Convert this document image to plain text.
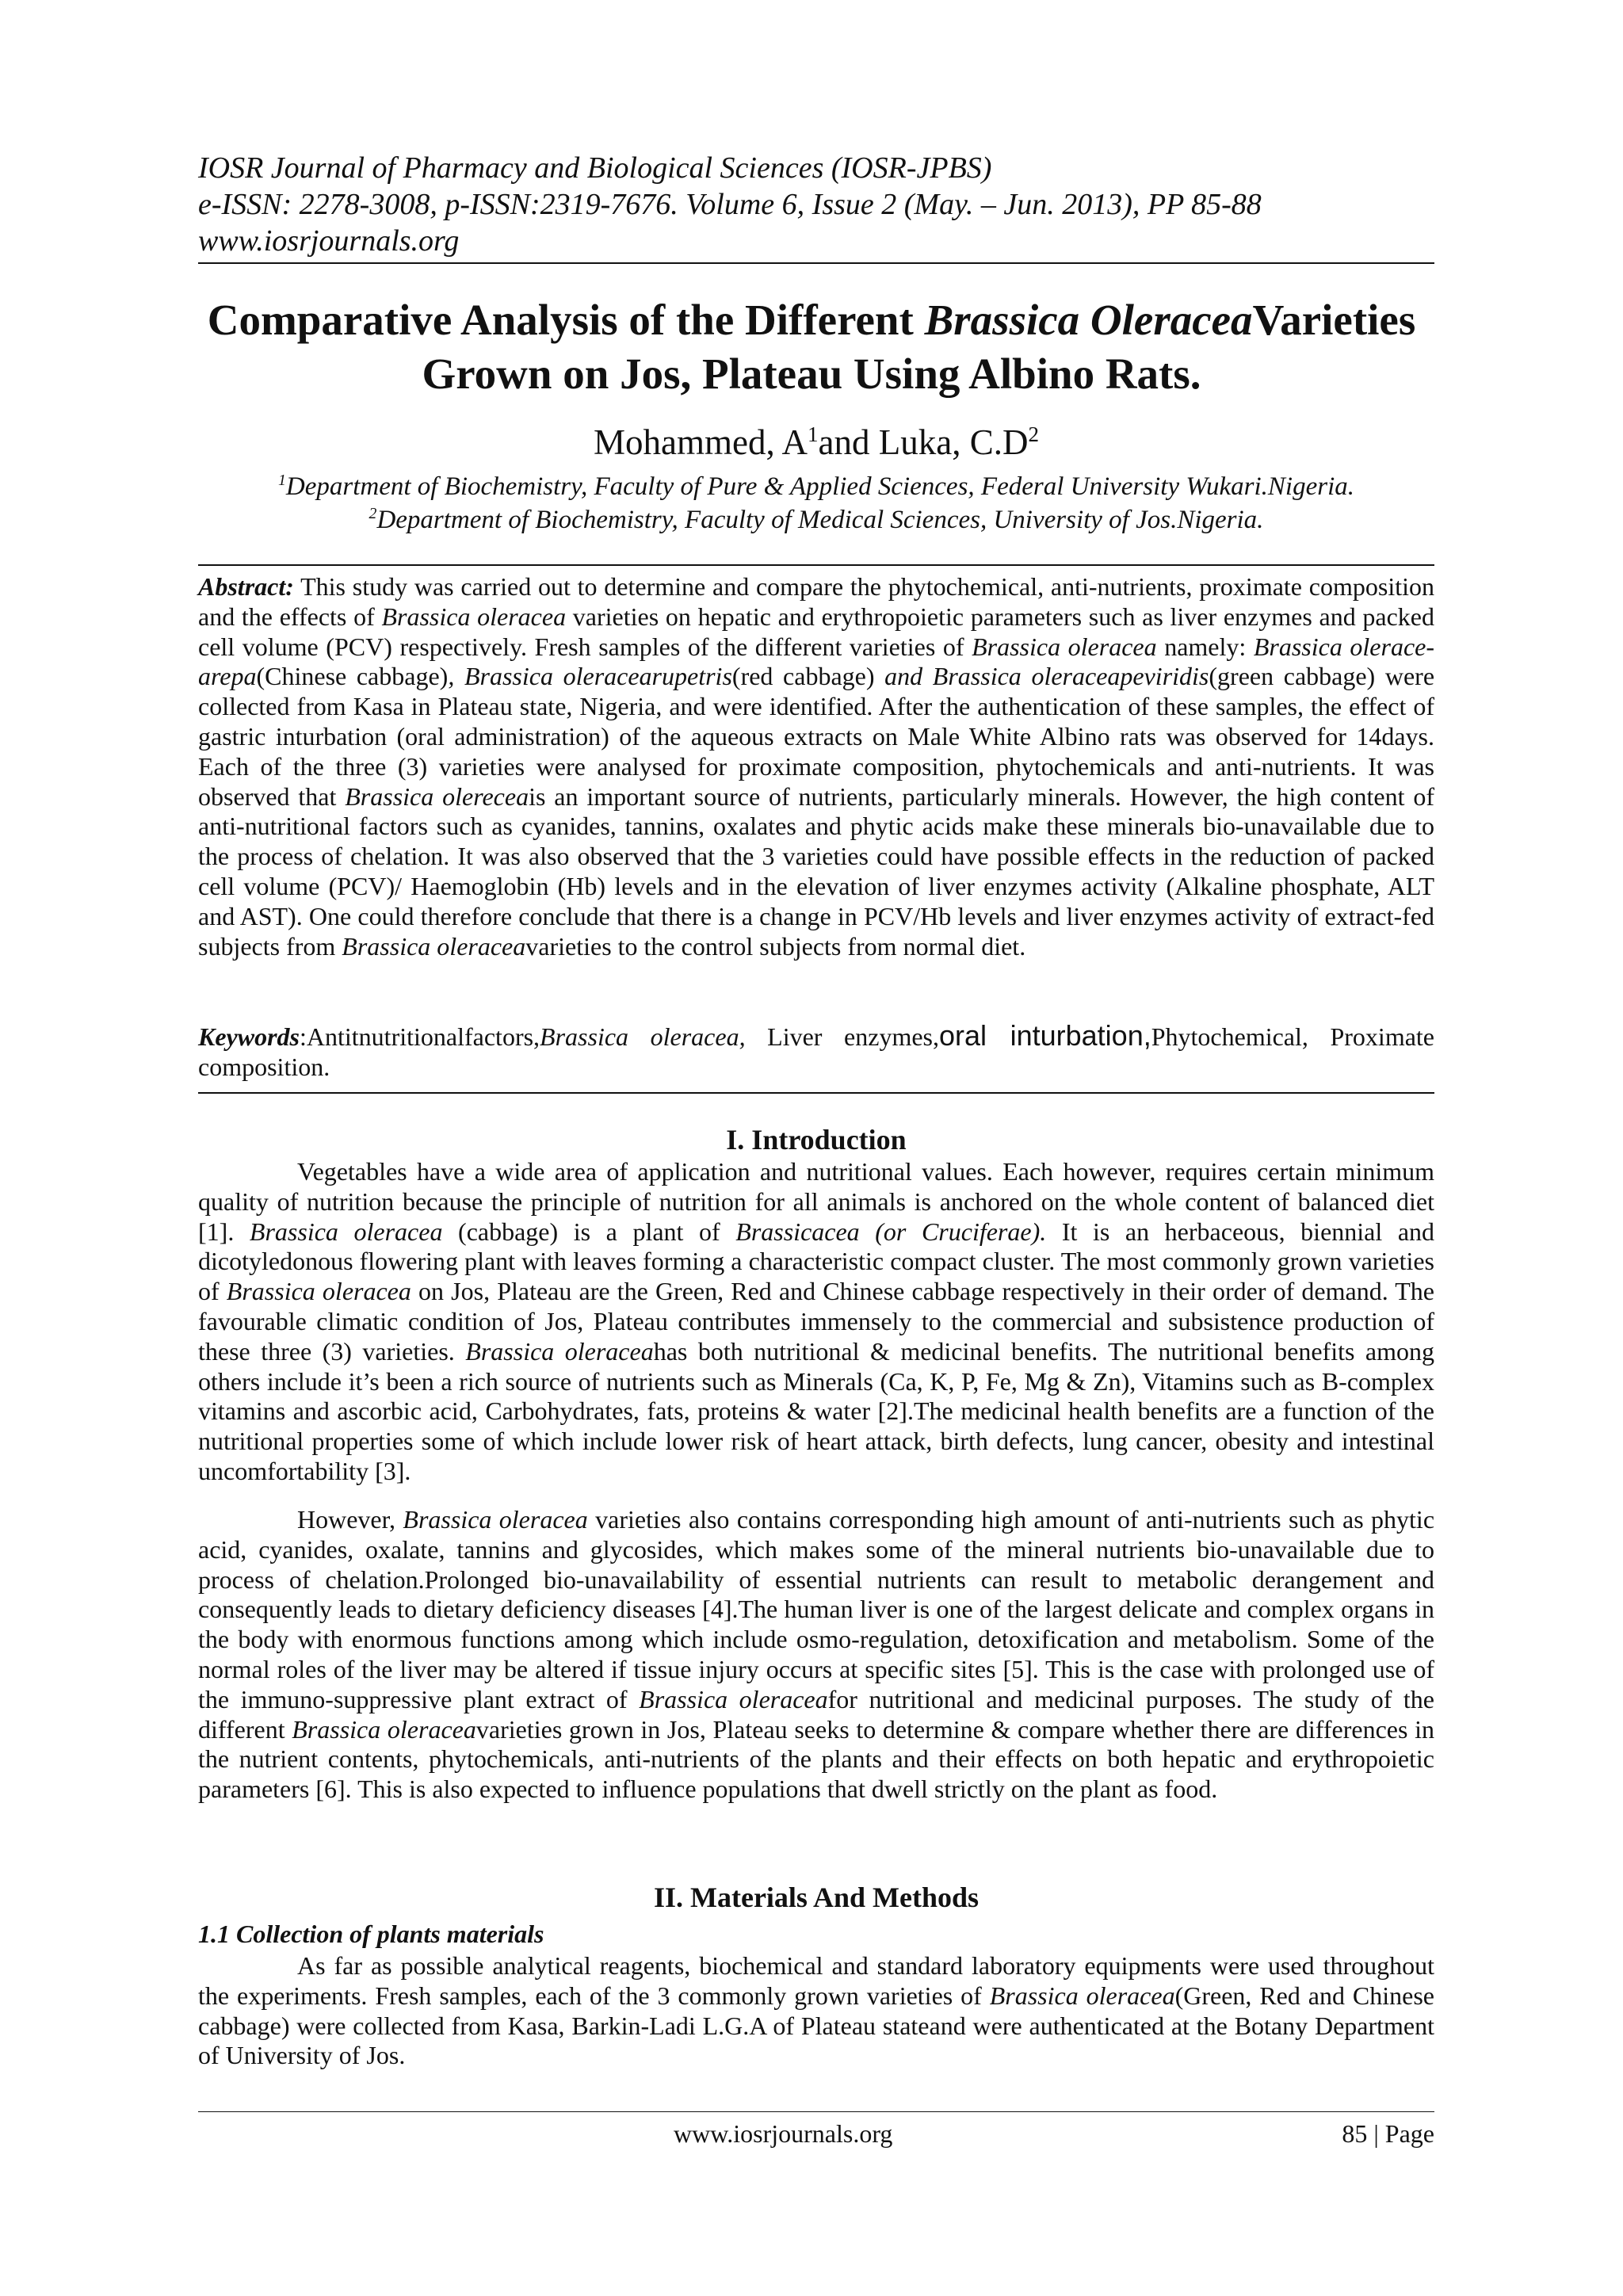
IOSR Journal of Pharmacy and Biological Sciences (IOSR-JPBS)
e-ISSN: 2278-3008, p-ISSN:2319-7676. Volume 6, Issue 2 (May. – Jun. 2013), PP 85-88
www.iosrjournals.org
Comparative Analysis of the Different Brassica OleraceaVarieties
Grown on Jos, Plateau Using Albino Rats.
Mohammed, $A^1and$ Luka, $C.D^2$
$^1$Department of Biochemistry, Faculty of Pure & Applied Sciences, Federal University Wukari.Nigeria.
$^2$Department of Biochemistry, Faculty of Medical Sciences, University of Jos.Nigeria.
Abstract: This study was carried out to determine and compare the phytochemical, anti-nutrients, proximate composition and the effects of Brassica oleracea varieties on hepatic and erythropoietic parameters such as liver enzymes and packed cell volume (PCV) respectively. Fresh samples of the different varieties of Brassica oleracea namely: Brassica oleracearepa(Chinese cabbage), Brassica oleracearupetris(red cabbage) and Brassica oleraceapeviridis(green cabbage) were collected from Kasa in Plateau state, Nigeria, and were identified. After the authentication of these samples, the effect of gastric inturbation (oral administration) of the aqueous extracts on Male White Albino rats was observed for 14days. Each of the three (3) varieties were analysed for proximate composition, phytochemicals and anti-nutrients. It was observed that Brassica olereceais an important source of nutrients, particularly minerals. However, the high content of anti-nutritional factors such as cyanides, tannins, oxalates and phytic acids make these minerals bio-unavailable due to the process of chelation. It was also observed that the 3 varieties could have possible effects in the reduction of packed cell volume (PCV)/ Haemoglobin (Hb) levels and in the elevation of liver enzymes activity (Alkaline phosphate, ALT and AST). One could therefore conclude that there is a change in PCV/Hb levels and liver enzymes activity of extract-fed subjects from Brassica oleraceavarieties to the control subjects from normal diet.
Keywords:Antitnutritionalfactors,Brassica oleracea, Liver enzymes,oral inturbation,Phytochemical, Proximate composition.
I. Introduction
Vegetables have a wide area of application and nutritional values. Each however, requires certain minimum quality of nutrition because the principle of nutrition for all animals is anchored on the whole content of balanced diet [1]. Brassica oleracea (cabbage) is a plant of Brassicacea (or Cruciferae). It is an herbaceous, biennial and dicotyledonous flowering plant with leaves forming a characteristic compact cluster. The most commonly grown varieties of Brassica oleracea on Jos, Plateau are the Green, Red and Chinese cabbage respectively in their order of demand. The favourable climatic condition of Jos, Plateau contributes immensely to the commercial and subsistence production of these three (3) varieties. Brassica oleraceahas both nutritional & medicinal benefits. The nutritional benefits among others include it’s been a rich source of nutrients such as Minerals (Ca, K, P, Fe, Mg & Zn), Vitamins such as B-complex vitamins and ascorbic acid, Carbohydrates, fats, proteins & water [2].The medicinal health benefits are a function of the nutritional properties some of which include lower risk of heart attack, birth defects, lung cancer, obesity and intestinal uncomfortability [3].
However, Brassica oleracea varieties also contains corresponding high amount of anti-nutrients such as phytic acid, cyanides, oxalate, tannins and glycosides, which makes some of the mineral nutrients bio-unavailable due to process of chelation.Prolonged bio-unavailability of essential nutrients can result to metabolic derangement and consequently leads to dietary deficiency diseases [4].The human liver is one of the largest delicate and complex organs in the body with enormous functions among which include osmo-regulation, detoxification and metabolism. Some of the normal roles of the liver may be altered if tissue injury occurs at specific sites [5]. This is the case with prolonged use of the immuno-suppressive plant extract of Brassica oleraceafor nutritional and medicinal purposes. The study of the different Brassica oleraceavarieties grown in Jos, Plateau seeks to determine & compare whether there are differences in the nutrient contents, phytochemicals, anti-nutrients of the plants and their effects on both hepatic and erythropoietic parameters [6]. This is also expected to influence populations that dwell strictly on the plant as food.
II. Materials And Methods
1.1 Collection of plants materials
As far as possible analytical reagents, biochemical and standard laboratory equipments were used throughout the experiments. Fresh samples, each of the 3 commonly grown varieties of Brassica oleracea(Green, Red and Chinese cabbage) were collected from Kasa, Barkin-Ladi L.G.A of Plateau stateand were authenticated at the Botany Department of University of Jos.
www.iosrjournals.org	85 | Page
